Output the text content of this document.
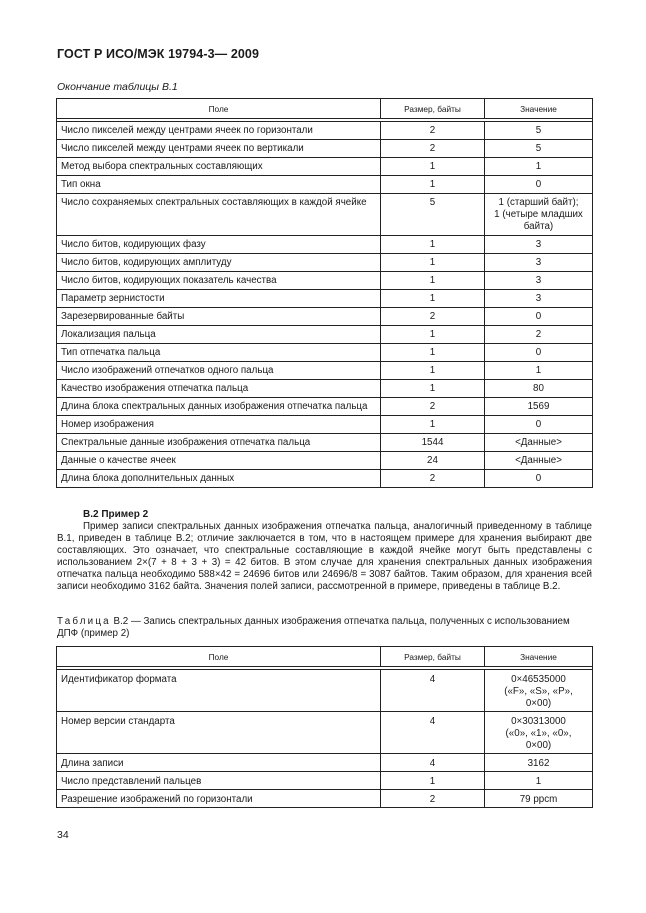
ГОСТ Р ИСО/МЭК 19794-3— 2009
Окончание таблицы В.1
Поле	Размер, байты	Значение

Число пикселей между центрами ячеек по горизонтали	2	5
Число пикселей между центрами ячеек по вертикали	2	5
Метод выбора спектральных составляющих	1	1
Тип окна	1	0
Число сохраняемых спектральных составляющих в каждой ячейке	5	1 (старший байт);
1 (четыре младших байта)
Число битов, кодирующих фазу	1	3
Число битов, кодирующих амплитуду	1	3
Число битов, кодирующих показатель качества	1	3
Параметр зернистости	1	3
Зарезервированные байты	2	0
Локализация пальца	1	2
Тип отпечатка пальца	1	0
Число изображений отпечатков одного пальца	1	1
Качество изображения отпечатка пальца	1	80
Длина блока спектральных данных изображения отпечатка пальца	2	1569
Номер изображения	1	0
Спектральные данные изображения отпечатка пальца	1544	<Данные>
Данные о качестве ячеек	24	<Данные>
Длина блока дополнительных данных	2	0
В.2 Пример 2

Пример записи спектральных данных изображения отпечатка пальца, аналогичный приведенному в таблице В.1, приведен в таблице В.2; отличие заключается в том, что в настоящем примере для хранения выбирают две составляющих. Это означает, что спектральные составляющие в каждой ячейке могут быть представлены с использованием 2×(7 + 8 + 3 + 3) = 42 битов. В этом случае для хранения спектральных данных изображения отпечатка пальца необходимо 588×42 = 24696 битов или 24696/8 = 3087 байтов. Таким образом, для хранения всей записи необходимо 3162 байта. Значения полей записи, рассмотренной в примере, приведены в таблице В.2.

Таблица В.2 — Запись спектральных данных изображения отпечатка пальца, полученных с использованием ДПФ (пример 2)
Поле	Размер, байты	Значение

Идентификатор формата	4	0×46535000
(«F», «S», «P»,
0×00)
Номер версии стандарта	4	0×30313000
(«0», «1», «0»,
0×00)
Длина записи	4	3162
Число представлений пальцев	1	1
Разрешение изображений по горизонтали	2	79 ppcm
34
